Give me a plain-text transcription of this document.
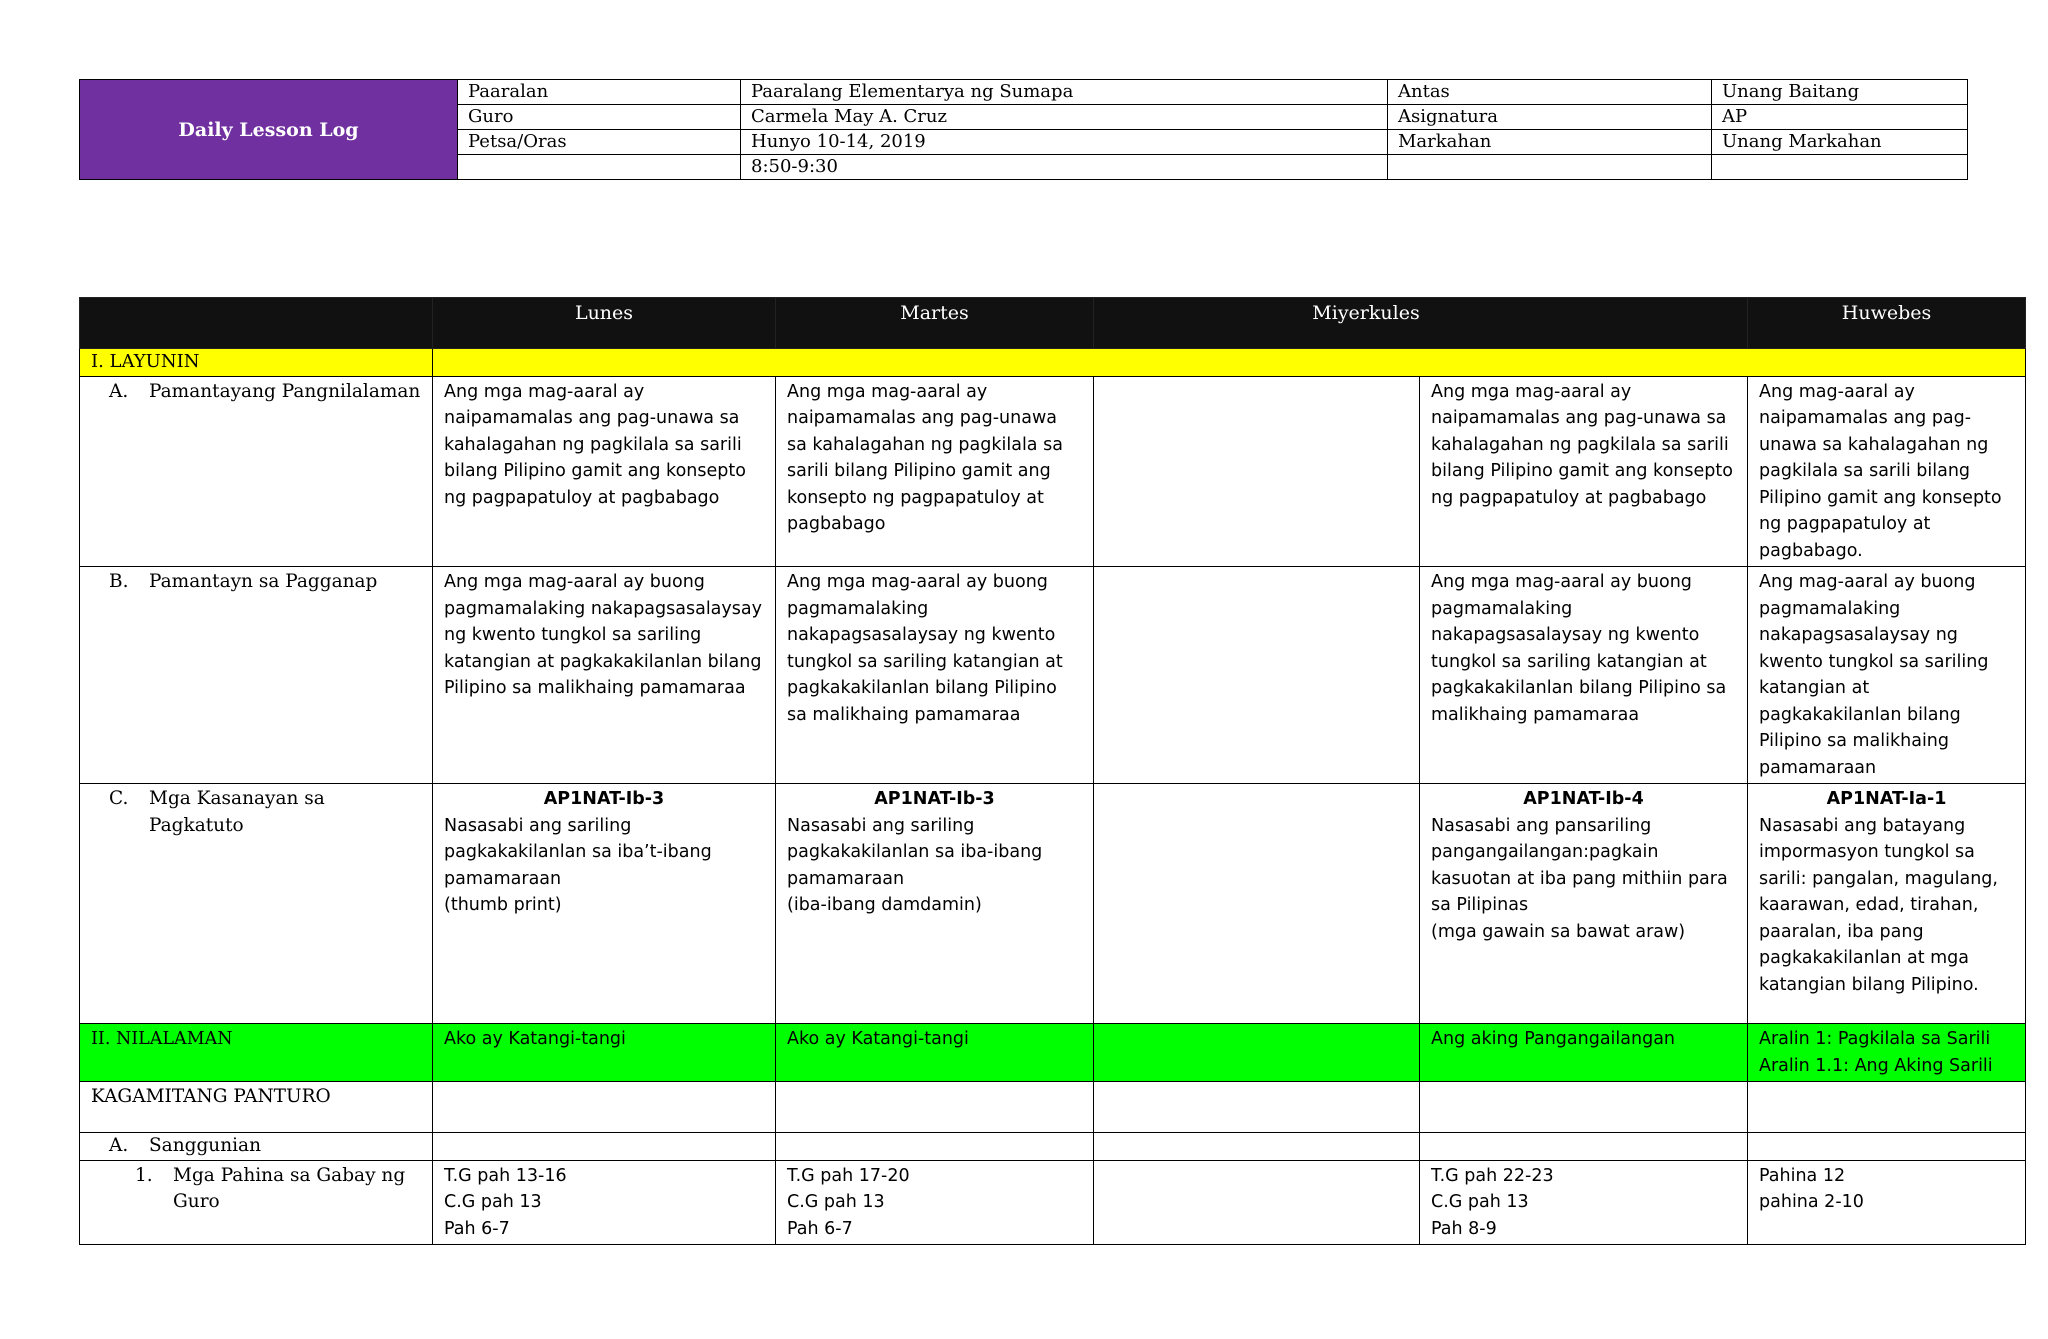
Daily Lesson Log	Paaralan	Paaralang Elementarya ng Sumapa	Antas	Unang Baitang
	Guro	Carmela May A. Cruz	Asignatura	AP
	Petsa/Oras	Hunyo 10-14, 2019	Markahan	Unang Markahan
		8:50-9:30		
	Lunes	Martes	Miyerkules		Huwebes	
I. LAYUNIN						

A. Pamantayang Pangnilalaman	Ang mga mag-aaral ay naipamamalas ang pag-unawa sa kahalagahan ng pagkilala sa sarili bilang Pilipino gamit ang konsepto ng pagpapatuloy at pagbabago	Ang mga mag-aaral ay naipamamalas ang pag-unawa sa kahalagahan ng pagkilala sa sarili bilang Pilipino gamit ang konsepto ng pagpapatuloy at pagbabago		Ang mga mag-aaral ay naipamamalas ang pag-unawa sa kahalagahan ng pagkilala sa sarili bilang Pilipino gamit ang konsepto ng pagpapatuloy at pagbabago	Ang mag-aaral ay naipamamalas ang pag-unawa sa kahalagahan ng pagkilala sa sarili bilang Pilipino gamit ang konsepto ng pagpapatuloy at pagbabago.	

B. Pamantayn sa Pagganap	Ang mga mag-aaral ay buong pagmamalaking nakapagsasalaysay ng kwento tungkol sa sariling katangian at pagkakakilanlan bilang Pilipino sa malikhaing pamamaraa	Ang mga mag-aaral ay buong pagmamalaking nakapagsasalaysay ng kwento tungkol sa sariling katangian at pagkakakilanlan bilang Pilipino sa malikhaing pamamaraa		Ang mga mag-aaral ay buong pagmamalaking nakapagsasalaysay ng kwento tungkol sa sariling katangian at pagkakakilanlan bilang Pilipino sa malikhaing pamamaraa	Ang mag-aaral ay buong pagmamalaking nakapagsasalaysay ng kwento tungkol sa sariling katangian at pagkakakilanlan bilang Pilipino sa malikhaing pamamaraan	

C. Mga Kasanayan sa Pagkatuto	AP1NAT-Ib-3
Nasasabi ang sariling pagkakakilanlan sa iba’t-ibang pamamaraan
(thumb print)	AP1NAT-Ib-3
Nasasabi ang sariling pagkakakilanlan sa iba-ibang pamamaraan
(iba-ibang damdamin)		AP1NAT-Ib-4
Nasasabi ang pansariling pangangailangan:pagkain kasuotan at iba pang mithiin para sa Pilipinas
(mga gawain sa bawat araw)	AP1NAT-Ia-1
Nasasabi ang batayang impormasyon tungkol sa sarili: pangalan, magulang, kaarawan, edad, tirahan, paaralan, iba pang pagkakakilanlan at mga katangian bilang Pilipino.	
II. NILALAMAN	Ako ay Katangi-tangi	Ako ay Katangi-tangi		Ang aking Pangangailangan	Aralin 1: Pagkilala sa Sarili
Aralin 1.1: Ang Aking Sarili	
KAGAMITANG PANTURO						

A. Sanggunian						

1. Mga Pahina sa Gabay ng Guro	T.G pah 13-16
C.G pah 13
Pah 6-7	T.G pah 17-20
C.G pah 13
Pah 6-7		T.G pah 22-23
C.G pah 13
Pah 8-9	Pahina 12
pahina 2-10	
